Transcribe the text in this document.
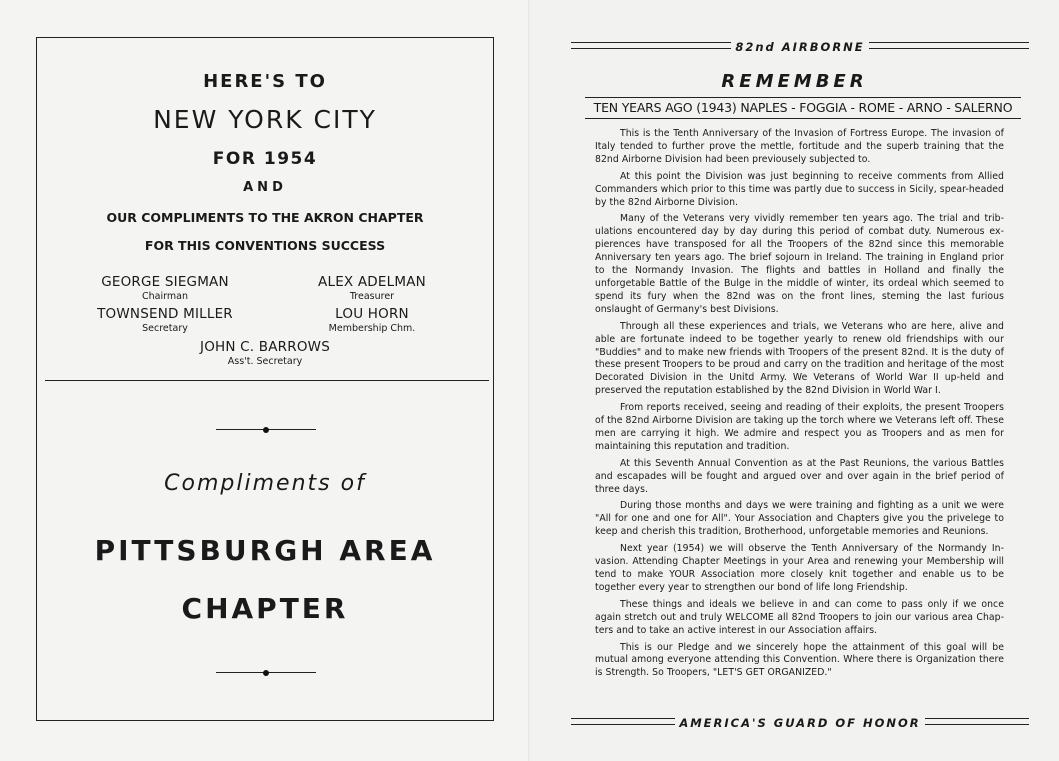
HERE'S TO
NEW YORK CITY
FOR 1954
AND
OUR COMPLIMENTS TO THE AKRON CHAPTER
FOR THIS CONVENTIONS SUCCESS
GEORGE SIEGMAN
Chairman
ALEX ADELMAN
Treasurer
TOWNSEND MILLER
Secretary
LOU HORN
Membership Chm.
JOHN C. BARROWS
Ass't. Secretary
Compliments of
PITTSBURGH AREA
CHAPTER
82nd AIRBORNE
REMEMBER
TEN YEARS AGO (1943) NAPLES - FOGGIA - ROME - ARNO - SALERNO

This is the Tenth Anniversary of the Invasion of Fortress Europe. The invasion of Italy tended to further prove the mettle, fortitude and the superb training that the 82nd Airborne Division had been previousely subjected to.

At this point the Division was just beginning to receive comments from Allied Commanders which prior to this time was partly due to success in Sicily, spear-headed by the 82nd Airborne Division.

Many of the Veterans very vividly remember ten years ago. The trial and trib-ulations encountered day by day during this period of combat duty. Numerous ex-pierences have transposed for all the Troopers of the 82nd since this memorable Anniversary ten years ago. The brief sojourn in Ireland. The training in England prior to the Normandy Invasion. The flights and battles in Holland and finally the unforgetable Battle of the Bulge in the middle of winter, its ordeal which seemed to spend its fury when the 82nd was on the front lines, steming the last furious onslaught of Germany's best Divisions.

Through all these experiences and trials, we Veterans who are here, alive and able are fortunate indeed to be together yearly to renew old friendships with our "Buddies" and to make new friends with Troopers of the present 82nd. It is the duty of these present Troopers to be proud and carry on the tradition and heritage of the most Decorated Division in the Unitd Army. We Veterans of World War II up-held and preserved the reputation established by the 82nd Division in World War I.

From reports received, seeing and reading of their exploits, the present Troopers of the 82nd Airborne Division are taking up the torch where we Veterans left off. These men are carrying it high. We admire and respect you as Troopers and as men for maintaining this reputation and tradition.

At this Seventh Annual Convention as at the Past Reunions, the various Battles and escapades will be fought and argued over and over again in the brief period of three days.

During those months and days we were training and fighting as a unit we were "All for one and one for All". Your Association and Chapters give you the privelege to keep and cherish this tradition, Brotherhood, unforgetable memories and Reunions.

Next year (1954) we will observe the Tenth Anniversary of the Normandy In-vasion. Attending Chapter Meetings in your Area and renewing your Membership will tend to make YOUR Association more closely knit together and enable us to be together every year to strengthen our bond of life long Friendship.

These things and ideals we believe in and can come to pass only if we once again stretch out and truly WELCOME all 82nd Troopers to join our various area Chap-ters and to take an active interest in our Association affairs.

This is our Pledge and we sincerely hope the attainment of this goal will be mutual among everyone attending this Convention. Where there is Organization there is Strength. So Troopers, "LET'S GET ORGANIZED."

AMERICA'S GUARD OF HONOR
